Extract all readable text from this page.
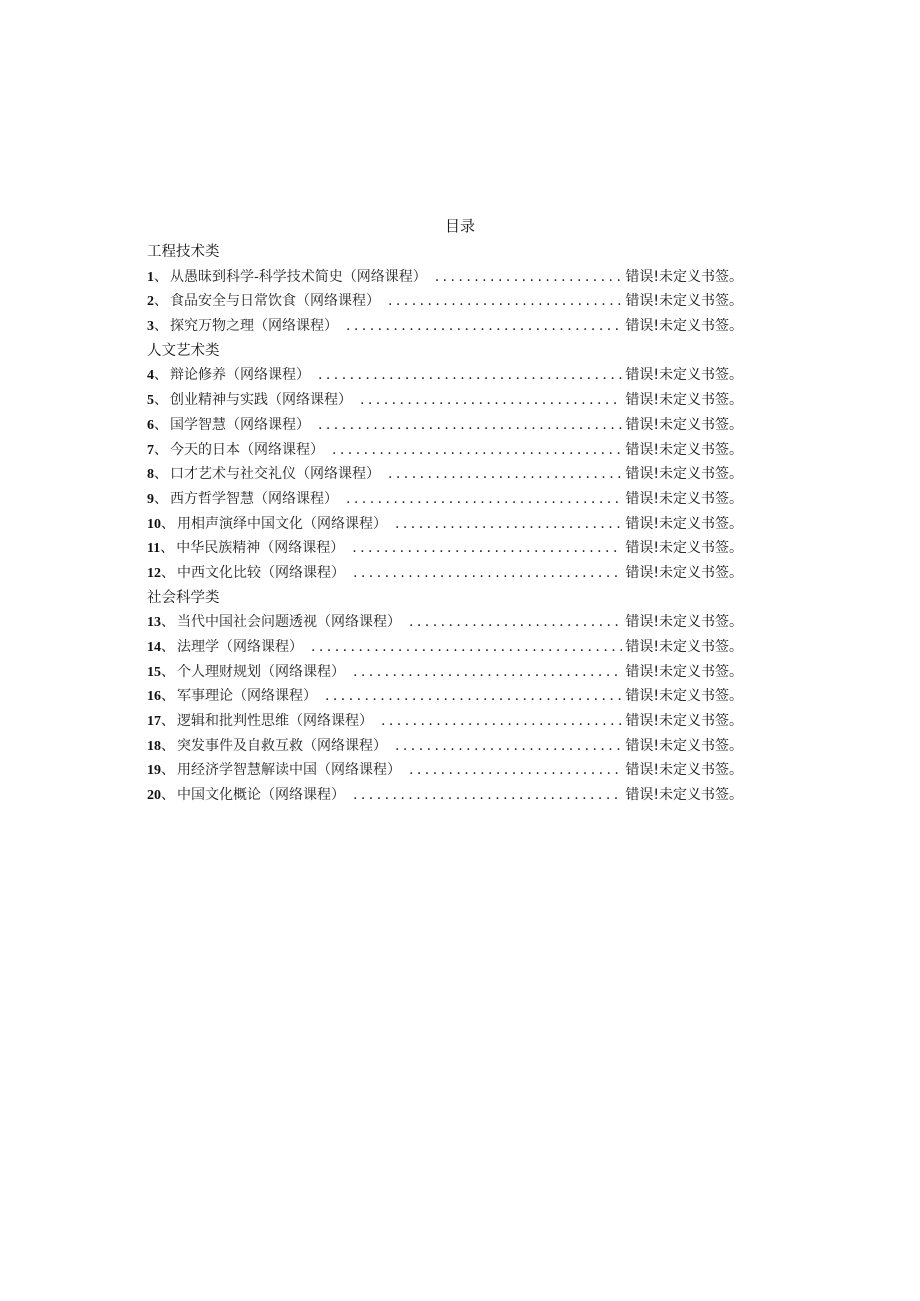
目录
工程技术类
1 、 从愚昧到科学-科学技术简史（网络课程） . . .	错误!未定义书签。
2 、 食品安全与日常饮食（网络课程） . . .	错误!未定义书签。
3 、 探究万物之理（网络课程） . . .	错误!未定义书签。
人文艺术类
4 、 辩论修养（网络课程） . . .	错误!未定义书签。
5 、 创业精神与实践（网络课程） . . .	错误!未定义书签。
6 、 国学智慧（网络课程） . . .	错误!未定义书签。
7 、 今天的日本（网络课程） . . .	错误!未定义书签。
8 、 口才艺术与社交礼仪（网络课程） . . .	错误!未定义书签。
9 、 西方哲学智慧（网络课程） . . .	错误!未定义书签。
10 、 用相声演绎中国文化（网络课程） . . .	错误!未定义书签。
11 、 中华民族精神（网络课程） . . .	错误!未定义书签。
12 、 中西文化比较（网络课程） . . .	错误!未定义书签。
社会科学类
13 、 当代中国社会问题透视（网络课程） . . .	错误!未定义书签。
14 、 法理学（网络课程） . . .	错误!未定义书签。
15 、 个人理财规划（网络课程） . . .	错误!未定义书签。
16 、 军事理论（网络课程） . . .	错误!未定义书签。
17 、 逻辑和批判性思维（网络课程） . . .	错误!未定义书签。
18 、 突发事件及自救互救（网络课程） . . .	错误!未定义书签。
19 、 用经济学智慧解读中国（网络课程） . . .	错误!未定义书签。
20 、 中国文化概论（网络课程） . . .	错误!未定义书签。
